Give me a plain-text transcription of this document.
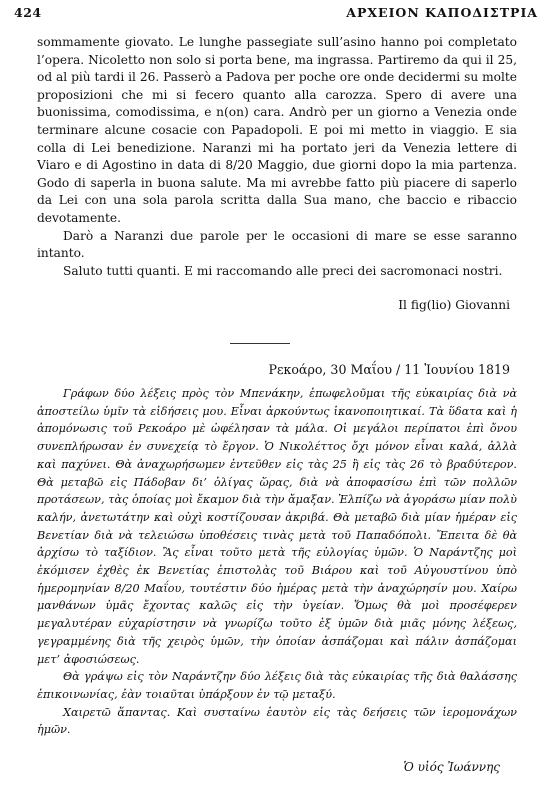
424	ΑΡΧΕΙΟΝ ΚΑΠΟΔΙΣΤΡΙΑ

sommamente giovato. Le lunghe passegiate sull’asino hanno poi completato l’opera. Nicoletto non solo si porta bene, ma ingrassa. Partiremo da qui il 25, od al più tardi il 26. Passerò a Padova per poche ore onde decidermi su molte proposizioni che mi si fecero quanto alla carozza. Spero di avere una buonissima, comodissima, e n(on) cara. Andrò per un giorno a Venezia onde terminare alcune cosacie con Papadopoli. E poi mi metto in viaggio. E sia colla di Lei benedizione. Naranzi mi ha portato jeri da Venezia lettere di Viaro e di Agostino in data di 8/20 Maggio, due giorni dopo la mia partenza. Godo di saperla in buona salute. Ma mi avrebbe fatto più piacere di saperlo da Lei con una sola parola scritta dalla Sua mano, che baccio e ribaccio devotamente.

Darò a Naranzi due parole per le occasioni di mare se esse saranno intanto.

Saluto tutti quanti. E mi raccomando alle preci dei sacromonaci nostri.

Il fig(lio) Giovanni
Ρεκοάρο, 30 Μαΐου / 11 Ἰουνίου 1819

Γράφων δύο λέξεις πρὸς τὸν Μπενάκην, ἐπωφελοῦμαι τῆς εὐκαιρίας διὰ νὰ ἀποστείλω ὑμῖν τὰ εἰδήσεις μου. Εἶναι ἀρκούντως ἱκανοποιητικαί. Τὰ ὕδατα καὶ ἡ ἀπομόνωσις τοῦ Ρεκοάρο μὲ ὠφέλησαν τὰ μάλα. Οἱ μεγάλοι περίπατοι ἐπὶ ὄνου συνεπλήρωσαν ἐν συνεχείᾳ τὸ ἔργον. Ὁ Νικολέττος ὄχι μόνον εἶναι καλά, ἀλλὰ καὶ παχύνει. Θὰ ἀναχωρήσωμεν ἐντεῦθεν εἰς τὰς 25 ἢ εἰς τὰς 26 τὸ βραδύτερον. Θὰ μεταβῶ εἰς Πάδοβαν δι’ ὀλίγας ὥρας, διὰ νὰ ἀποφασίσω ἐπὶ τῶν πολλῶν προτάσεων, τὰς ὁποίας μοὶ ἔκαμον διὰ τὴν ἄμαξαν. Ἐλπίζω νὰ ἀγοράσω μίαν πολὺ καλήν, ἀνετωτάτην καὶ οὐχὶ κοστίζουσαν ἀκριβά. Θὰ μεταβῶ διὰ μίαν ἡμέραν εἰς Βενετίαν διὰ νὰ τελειώσω ὑποθέσεις τινὰς μετὰ τοῦ Παπαδόπολι. Ἔπειτα δὲ θὰ ἀρχίσω τὸ ταξίδιον. Ἂς εἶναι τοῦτο μετὰ τῆς εὐλογίας ὑμῶν. Ὁ Ναράντζης μοὶ ἐκόμισεν ἐχθὲς ἐκ Βενετίας ἐπιστολὰς τοῦ Βιάρου καὶ τοῦ Αὐγουστίνου ὑπὸ ἡμερομηνίαν 8/20 Μαΐου, τουτέστιν δύο ἡμέρας μετὰ τὴν ἀναχώρησίν μου. Χαίρω μανθάνων ὑμᾶς ἔχοντας καλῶς εἰς τὴν ὑγείαν. Ὅμως θὰ μοὶ προσέφερεν μεγαλυτέραν εὐχαρίστησιν νὰ γνωρίζω τοῦτο ἐξ ὑμῶν διὰ μιᾶς μόνης λέξεως, γεγραμμένης διὰ τῆς χειρὸς ὑμῶν, τὴν ὁποίαν ἀσπάζομαι καὶ πάλιν ἀσπάζομαι μετ’ ἀφοσιώσεως.

Θὰ γράψω εἰς τὸν Ναράντζην δύο λέξεις διὰ τὰς εὐκαιρίας τῆς διὰ θαλάσσης ἐπικοινωνίας, ἐὰν τοιαῦται ὑπάρξουν ἐν τῷ μεταξύ.

Χαιρετῶ ἅπαντας. Καὶ συσταίνω ἑαυτὸν εἰς τὰς δεήσεις τῶν ἱερομονάχων ἡμῶν.

Ὁ υἱός Ἰωάννης
